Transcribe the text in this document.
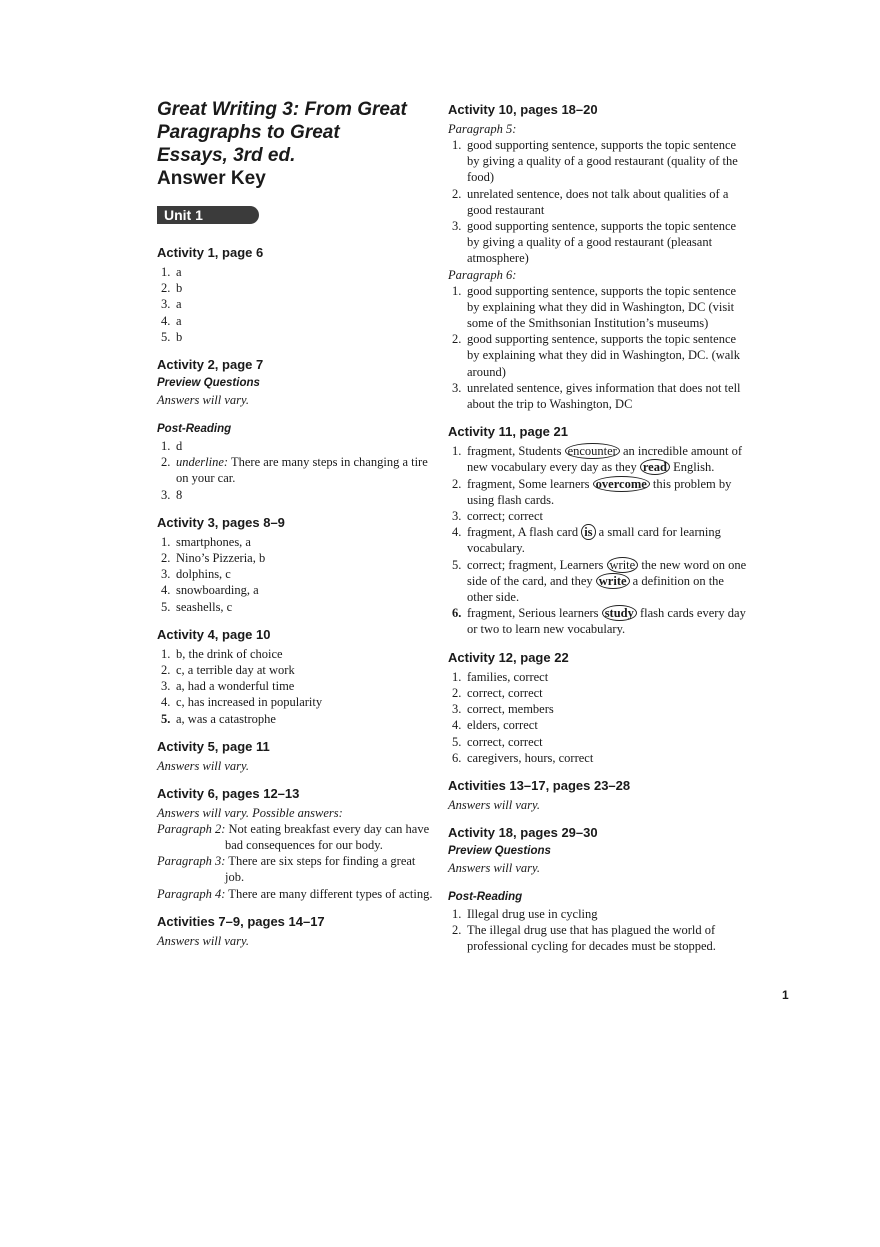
Great Writing 3: From Great
Paragraphs to Great
Essays, 3rd ed.
Answer Key
Unit 1
Activity 1, page 6
1. a
2. b
3. a
4. a
5. b
Activity 2, page 7
Preview Questions

Answers will vary.

Post-Reading
1. d
2. underline: There are many steps in changing a tire on your car.
3. 8
Activity 3, pages 8–9
1. smartphones, a
2. Nino’s Pizzeria, b
3. dolphins, c
4. snowboarding, a
5. seashells, c
Activity 4, page 10
1. b, the drink of choice
2. c, a terrible day at work
3. a, had a wonderful time
4. c, has increased in popularity
5. a, was a catastrophe
Activity 5, page 11

Answers will vary.

Activity 6, pages 12–13

Answers will vary. Possible answers:

Paragraph 2: Not eating breakfast every day can have bad consequences for our body.

Paragraph 3: There are six steps for finding a great job.

Paragraph 4: There are many different types of acting.

Activities 7–9, pages 14–17

Answers will vary.

Activity 10, pages 18–20

Paragraph 5:

1. good supporting sentence, supports the topic sentence by giving a quality of a good restaurant (quality of the food)
2. unrelated sentence, does not talk about qualities of a good restaurant
3. good supporting sentence, supports the topic sentence by giving a quality of a good restaurant (pleasant atmosphere)

Paragraph 6:

1. good supporting sentence, supports the topic sentence by explaining what they did in Washington, DC (visit some of the Smithsonian Institution’s museums)
2. good supporting sentence, supports the topic sentence by explaining what they did in Washington, DC. (walk around)
3. unrelated sentence, gives information that does not tell about the trip to Washington, DC
Activity 11, page 21
1. fragment, Students encounter an incredible amount of new vocabulary every day as they read English.
2. fragment, Some learners overcome this problem by using flash cards.
3. correct; correct
4. fragment, A flash card is a small card for learning vocabulary.
5. correct; fragment, Learners write the new word on one side of the card, and they write a definition on the other side.
6. fragment, Serious learners study flash cards every day or two to learn new vocabulary.
Activity 12, page 22
1. families, correct
2. correct, correct
3. correct, members
4. elders, correct
5. correct, correct
6. caregivers, hours, correct
Activities 13–17, pages 23–28

Answers will vary.

Activity 18, pages 29–30
Preview Questions

Answers will vary.

Post-Reading
1. Illegal drug use in cycling
2. The illegal drug use that has plagued the world of professional cycling for decades must be stopped.
1
